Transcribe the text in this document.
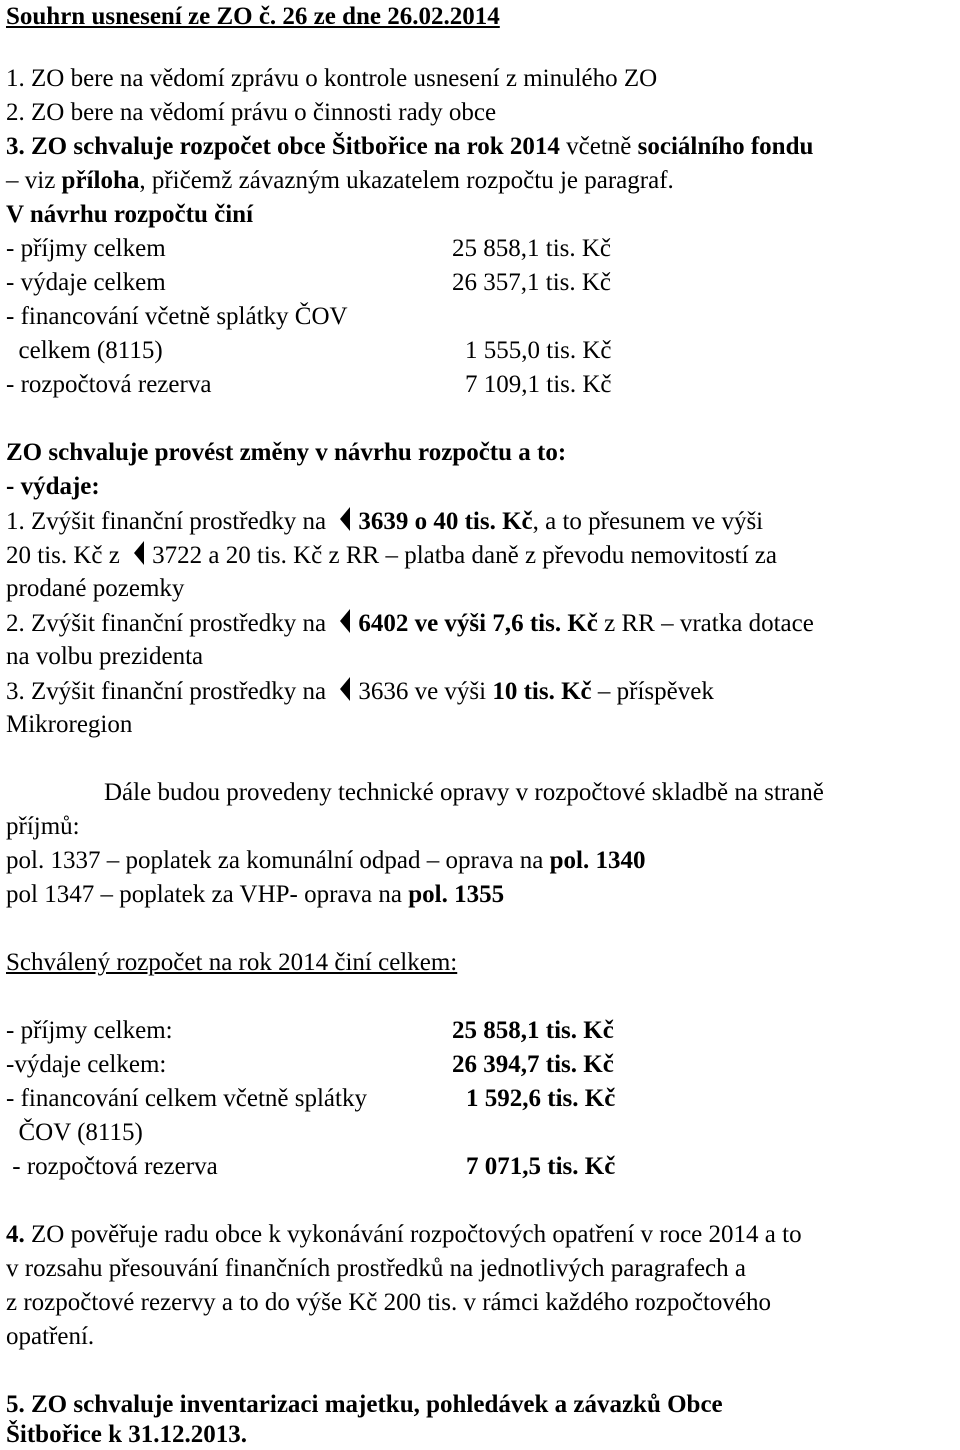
Souhrn usnesení ze ZO č. 26 ze dne 26.02.2014
1. ZO bere na vědomí zprávu o kontrole usnesení z minulého ZO
2. ZO bere na vědomí právu o činnosti rady obce
3. ZO schvaluje rozpočet obce Šitbořice na rok 2014 včetně sociálního fondu
– viz příloha, přičemž závazným ukazatelem rozpočtu je paragraf.
V návrhu rozpočtu činí
- příjmy celkem	25 858,1 tis. Kč
- výdaje celkem	26 357,1 tis. Kč
- financování včetně splátky ČOV
celkem (8115)	1 555,0 tis. Kč
- rozpočtová rezerva	7 109,1 tis. Kč
ZO schvaluje provést změny v návrhu rozpočtu a to:
- výdaje:
1. Zvýšit finanční prostředky na 3639 o 40 tis. Kč, a to přesunem ve výši
20 tis. Kč z 3722 a 20 tis. Kč z RR – platba daně z převodu nemovitostí za
prodané pozemky
2. Zvýšit finanční prostředky na 6402 ve výši 7,6 tis. Kč z RR – vratka dotace
na volbu prezidenta
3. Zvýšit finanční prostředky na 3636 ve výši 10 tis. Kč – příspěvek
Mikroregion
Dále budou provedeny technické opravy v rozpočtové skladbě na straně
příjmů:
pol. 1337 – poplatek za komunální odpad – oprava na pol. 1340
pol 1347 – poplatek za VHP- oprava na pol. 1355
Schválený rozpočet na rok 2014 činí celkem:
- příjmy celkem:	25 858,1 tis. Kč
-výdaje celkem:	26 394,7 tis. Kč
- financování celkem včetně splátky	1 592,6 tis. Kč
ČOV (8115)
- rozpočtová rezerva	7 071,5 tis. Kč
4. ZO pověřuje radu obce k vykonávání rozpočtových opatření v roce 2014 a to
v rozsahu přesouvání finančních prostředků na jednotlivých paragrafech a
z rozpočtové rezervy a to do výše Kč 200 tis. v rámci každého rozpočtového
opatření.
5. ZO schvaluje inventarizaci majetku, pohledávek a závazků Obce
Šitbořice k 31.12.2013.
